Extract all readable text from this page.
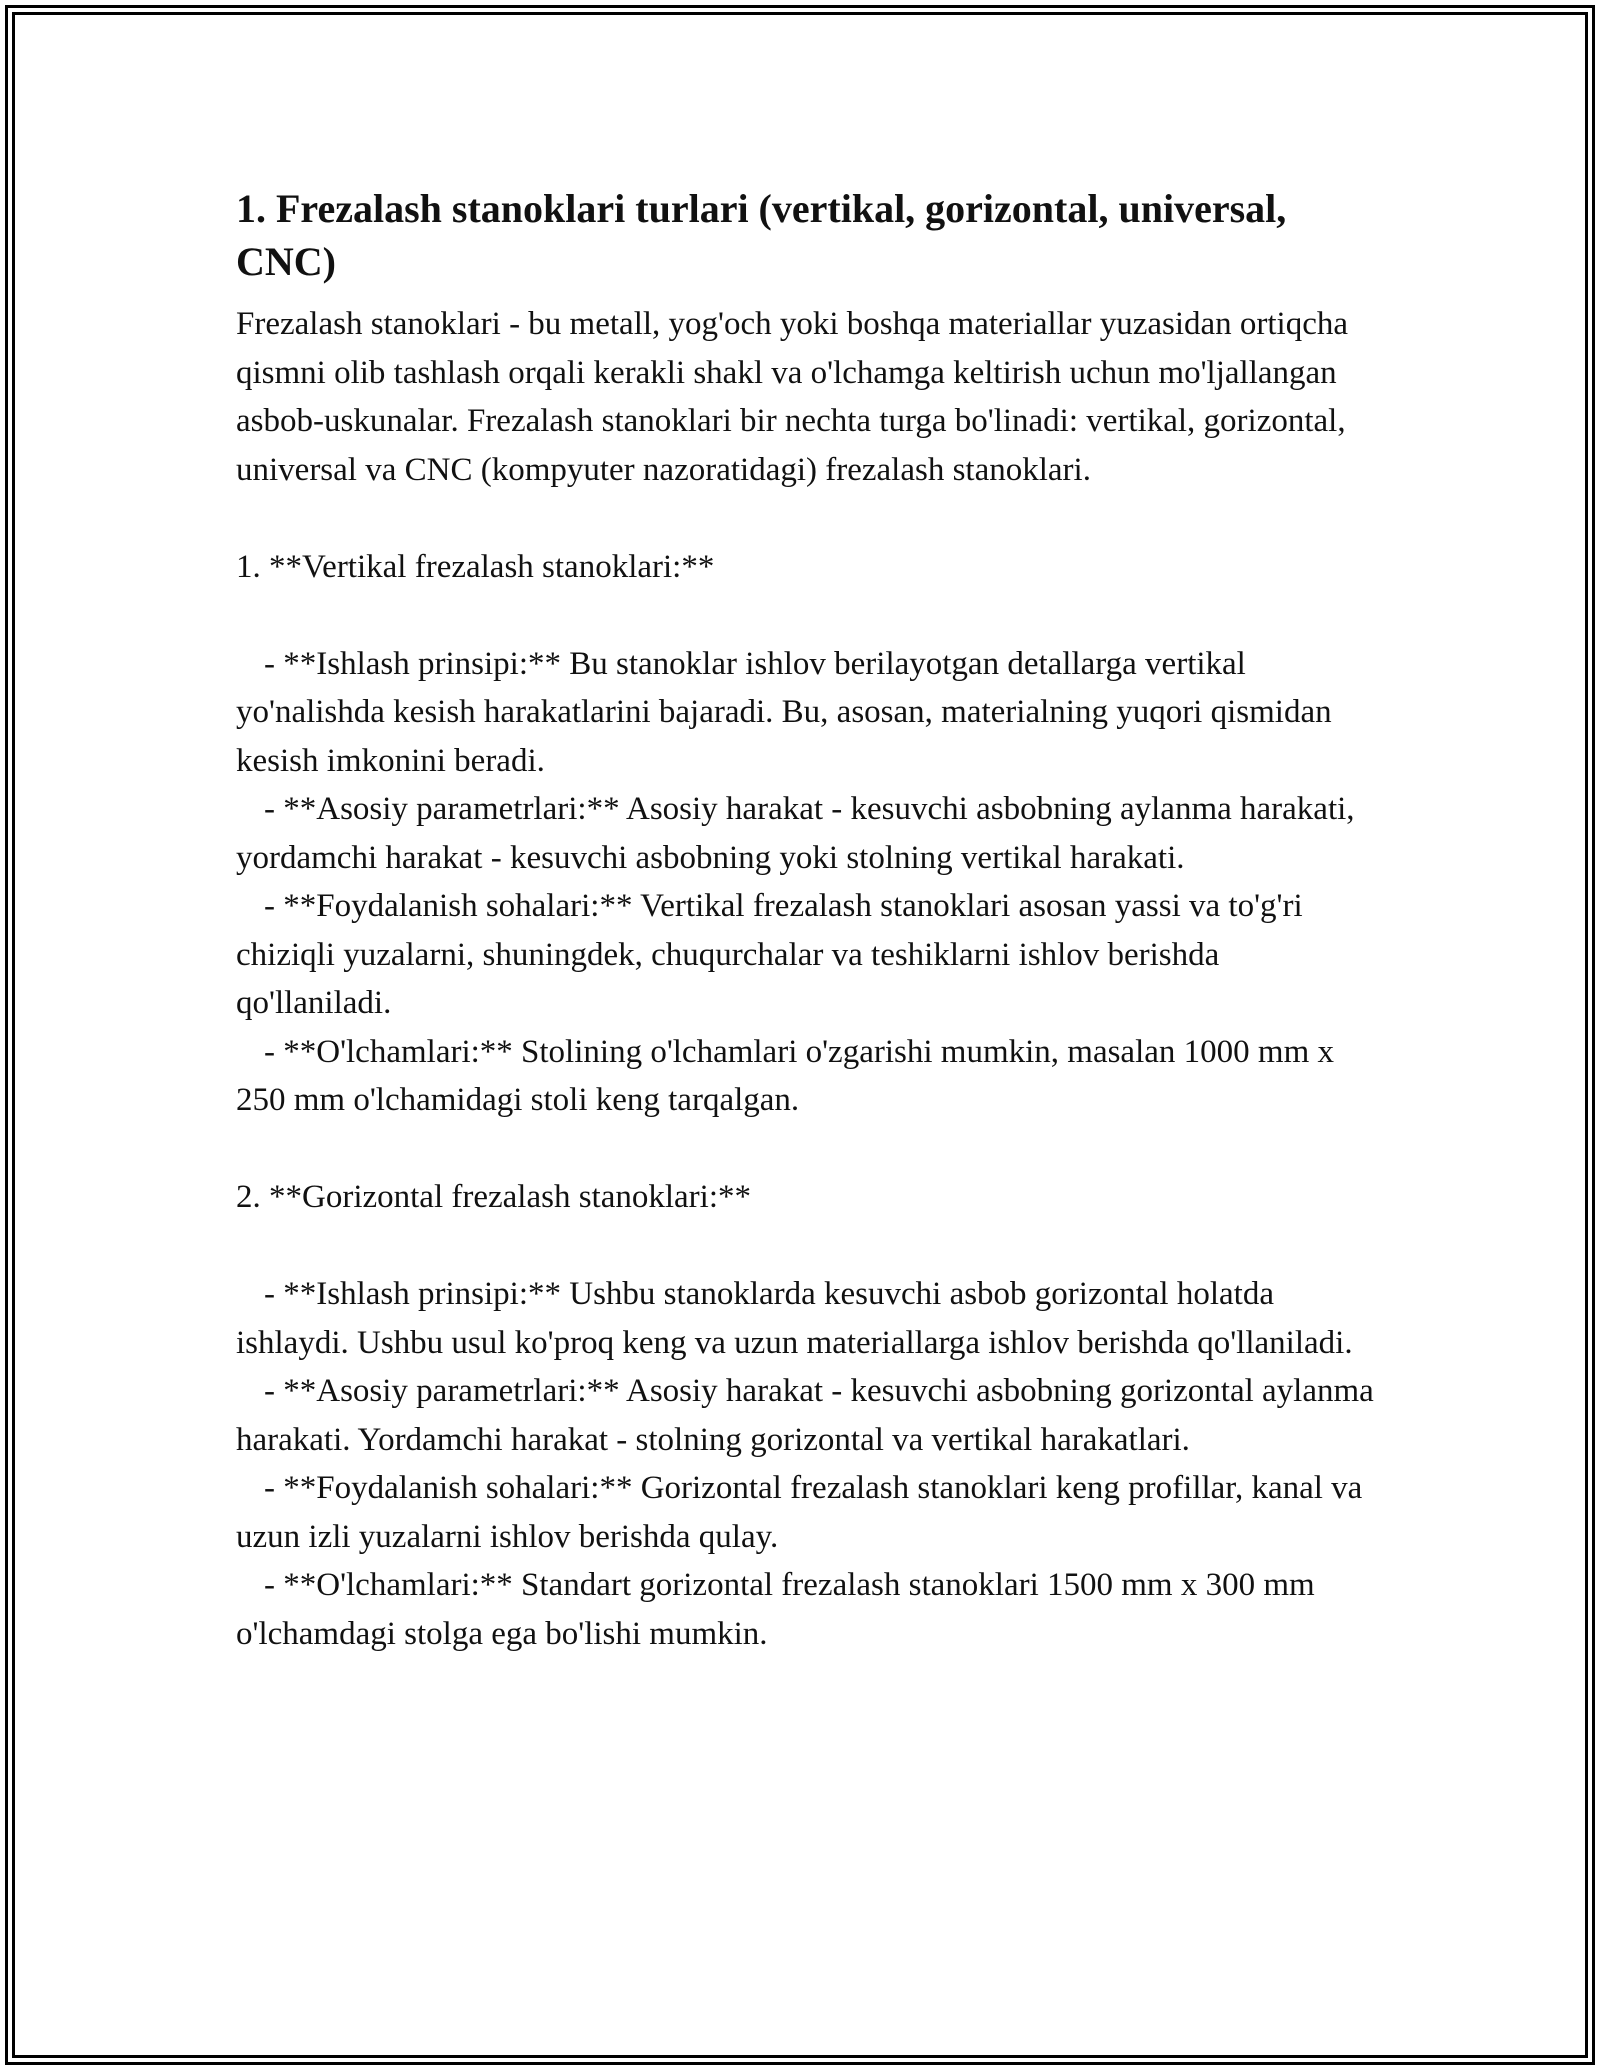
1. Frezalash stanoklari turlari (vertikal, gorizontal, universal, CNC)

Frezalash stanoklari - bu metall, yog'och yoki boshqa materiallar yuzasidan ortiqcha qismni olib tashlash orqali kerakli shakl va o'lchamga keltirish uchun mo'ljallangan asbob-uskunalar. Frezalash stanoklari bir nechta turga bo'linadi: vertikal, gorizontal, universal va CNC (kompyuter nazoratidagi) frezalash stanoklari.

1. **Vertikal frezalash stanoklari:**
- **Ishlash prinsipi:** Bu stanoklar ishlov berilayotgan detallarga vertikal yo'nalishda kesish harakatlarini bajaradi. Bu, asosan, materialning yuqori qismidan kesish imkonini beradi.
- **Asosiy parametrlari:** Asosiy harakat - kesuvchi asbobning aylanma harakati, yordamchi harakat - kesuvchi asbobning yoki stolning vertikal harakati.
- **Foydalanish sohalari:** Vertikal frezalash stanoklari asosan yassi va to'g'ri chiziqli yuzalarni, shuningdek, chuqurchalar va teshiklarni ishlov berishda qo'llaniladi.
- **O'lchamlari:** Stolining o'lchamlari o'zgarishi mumkin, masalan 1000 mm x 250 mm o'lchamidagi stoli keng tarqalgan.
2. **Gorizontal frezalash stanoklari:**
- **Ishlash prinsipi:** Ushbu stanoklarda kesuvchi asbob gorizontal holatda ishlaydi. Ushbu usul ko'proq keng va uzun materiallarga ishlov berishda qo'llaniladi.
- **Asosiy parametrlari:** Asosiy harakat - kesuvchi asbobning gorizontal aylanma harakati. Yordamchi harakat - stolning gorizontal va vertikal harakatlari.
- **Foydalanish sohalari:** Gorizontal frezalash stanoklari keng profillar, kanal va uzun izli yuzalarni ishlov berishda qulay.
- **O'lchamlari:** Standart gorizontal frezalash stanoklari 1500 mm x 300 mm o'lchamdagi stolga ega bo'lishi mumkin.
